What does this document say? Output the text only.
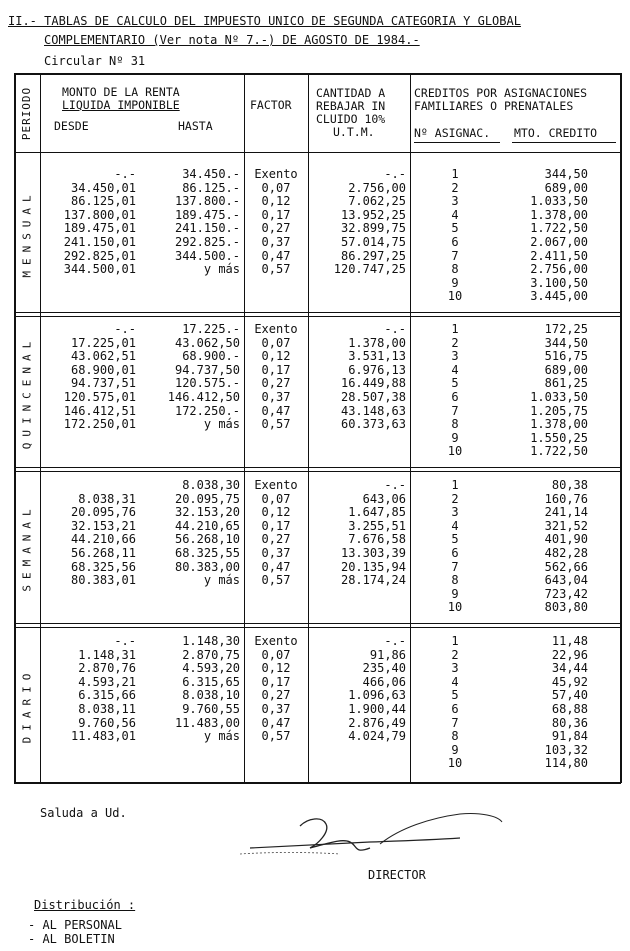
II.- TABLAS DE CALCULO DEL IMPUESTO UNICO DE SEGUNDA CATEGORIA Y GLOBAL
COMPLEMENTARIO (Ver nota Nº 7.-) DE AGOSTO DE 1984.-
Circular Nº 31
PERIODO MONTO DE LA RENTA
LIQUIDA IMPONIBLE
DESDE	HASTA
FACTOR
CANTIDAD A
REBAJAR IN
CLUIDO 10%
U.T.M.
CREDITOS POR ASIGNACIONES
FAMILIARES O PRENATALES
Nº ASIGNAC. MTO. CREDITO
MENSUAL
-.-
34.450,01
86.125,01
137.800,01
189.475,01
241.150,01
292.825,01
344.500,01
34.450.-
86.125.-
137.800.-
189.475.-
241.150.-
292.825.-
344.500.-
y más
Exento
0,07
0,12
0,17
0,27
0,37
0,47
0,57
-.-
2.756,00
7.062,25
13.952,25
32.899,75
57.014,75
86.297,25
120.747,25
1
2
3
4
5
6
7
8
9
10
344,50
689,00
1.033,50
1.378,00
1.722,50
2.067,00
2.411,50
2.756,00
3.100,50
3.445,00
QUINCENAL
-.-
17.225,01
43.062,51
68.900,01
94.737,51
120.575,01
146.412,51
172.250,01
17.225.-
43.062,50
68.900.-
94.737,50
120.575.-
146.412,50
172.250.-
y más
Exento
0,07
0,12
0,17
0,27
0,37
0,47
0,57
-.-
1.378,00
3.531,13
6.976,13
16.449,88
28.507,38
43.148,63
60.373,63
1
2
3
4
5
6
7
8
9
10
172,25
344,50
516,75
689,00
861,25
1.033,50
1.205,75
1.378,00
1.550,25
1.722,50
SEMANAL
8.038,31
20.095,76
32.153,21
44.210,66
56.268,11
68.325,56
80.383,01
8.038,30
20.095,75
32.153,20
44.210,65
56.268,10
68.325,55
80.383,00
y más
Exento
0,07
0,12
0,17
0,27
0,37
0,47
0,57
-.-
643,06
1.647,85
3.255,51
7.676,58
13.303,39
20.135,94
28.174,24
1
2
3
4
5
6
7
8
9
10
80,38
160,76
241,14
321,52
401,90
482,28
562,66
643,04
723,42
803,80
DIARIO
-.-
1.148,31
2.870,76
4.593,21
6.315,66
8.038,11
9.760,56
11.483,01
1.148,30
2.870,75
4.593,20
6.315,65
8.038,10
9.760,55
11.483,00
y más
Exento
0,07
0,12
0,17
0,27
0,37
0,47
0,57
-.-
91,86
235,40
466,06
1.096,63
1.900,44
2.876,49
4.024,79
1
2
3
4
5
6
7
8
9
10
11,48
22,96
34,44
45,92
57,40
68,88
80,36
91,84
103,32
114,80
Saluda a Ud.
DIRECTOR
Distribución :
- AL PERSONAL
- AL BOLETIN
